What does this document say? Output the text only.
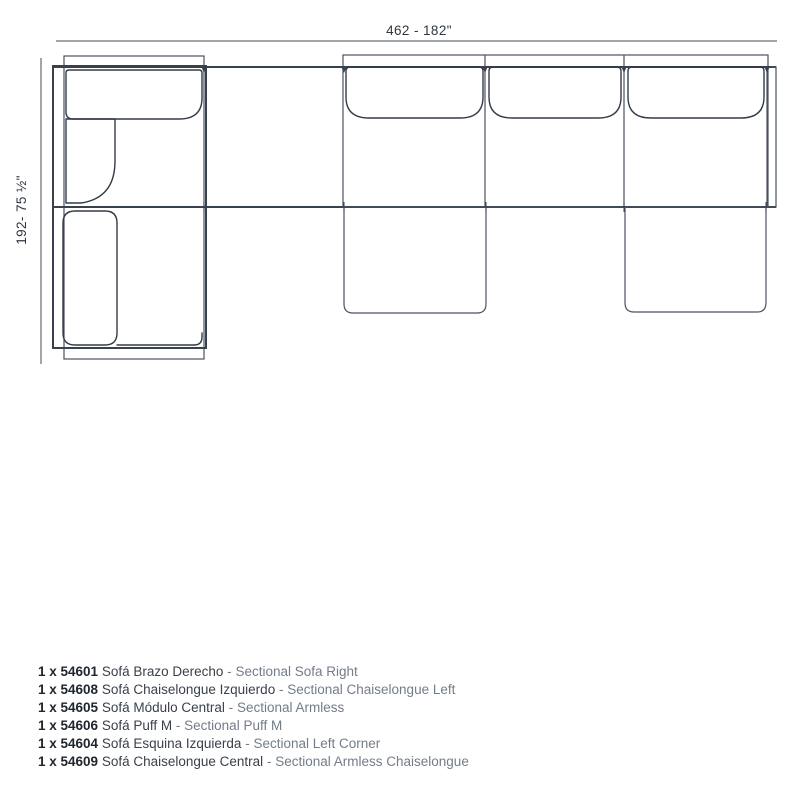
462 - 182"
192- 75 ½"
1 x 54601 Sofá Brazo Derecho - Sectional Sofa Right
1 x 54608 Sofá Chaiselongue Izquierdo - Sectional Chaiselongue Left
1 x 54605 Sofá Módulo Central - Sectional Armless
1 x 54606 Sofá Puff M - Sectional Puff M
1 x 54604 Sofá Esquina Izquierda - Sectional Left Corner
1 x 54609 Sofá Chaiselongue Central - Sectional Armless Chaiselongue
